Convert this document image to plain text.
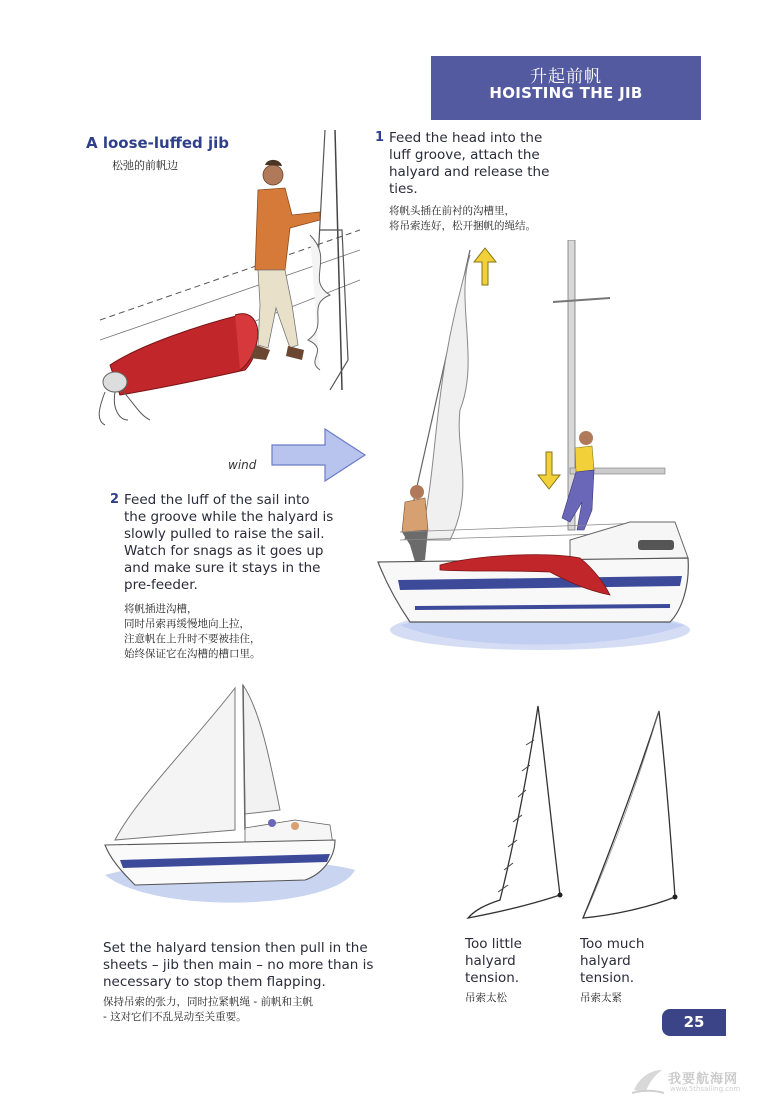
升起前帆
HOISTING THE JIB
A loose-luffed jib
松弛的前帆边
1 Feed the head into the
luff groove, attach the
halyard and release the
ties.
将帆头插在前衬的沟槽里，
将吊索连好，松开捆帆的绳结。
wind
2 Feed the luff of the sail into
the groove while the halyard is
slowly pulled to raise the sail.
Watch for snags as it goes up
and make sure it stays in the
pre-feeder.
将帆插进沟槽，
同时吊索再缓慢地向上拉，
注意帆在上升时不要被挂住，
始终保证它在沟槽的槽口里。
Set the halyard tension then pull in the
sheets – jib then main – no more than is
necessary to stop them flapping.
保持吊索的张力，同时拉紧帆绳 - 前帆和主帆
- 这对它们不乱晃动至关重要。
Too little
halyard
tension.
吊索太松
Too much
halyard
tension.
吊索太紧
25
我要航海网
www.5thsailing.com
